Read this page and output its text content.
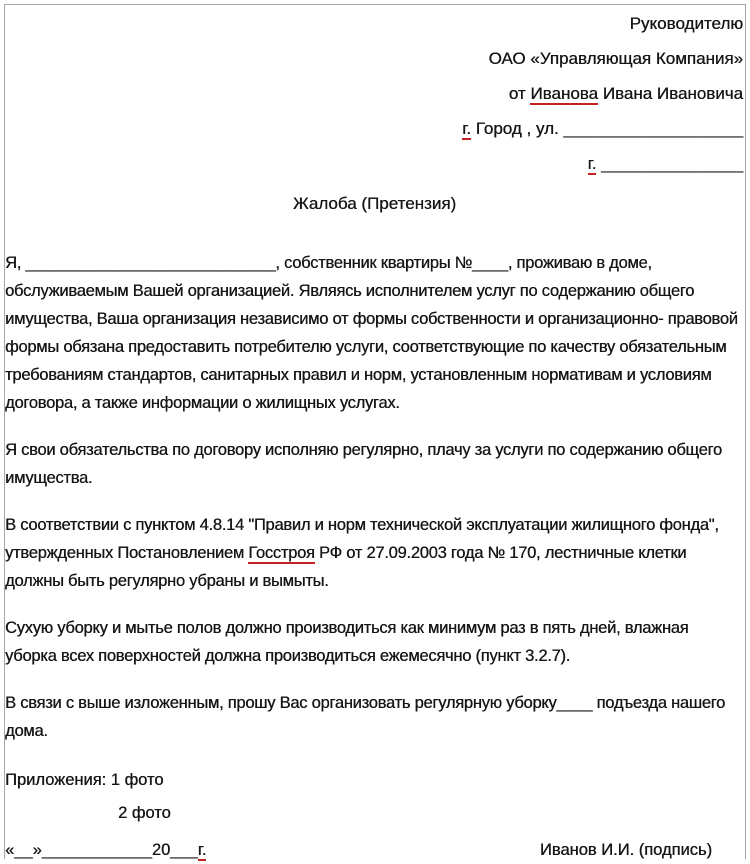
Руководителю
ОАО «Управляющая Компания»
от Иванова Ивана Ивановича
г. Город , ул. ___________________
г. _______________
Жалоба (Претензия)

Я, ____________________________, собственник квартиры №____, проживаю в доме, обслуживаемым Вашей организацией. Являясь исполнителем услуг по содержанию общего имущества, Ваша организация независимо от формы собственности и организационно- правовой формы обязана предоставить потребителю услуги, соответствующие по качеству обязательным требованиям стандартов, санитарных правил и норм, установленным нормативам и условиям договора, а также информации о жилищных услугах.

Я свои обязательства по договору исполняю регулярно, плачу за услуги по содержанию общего имущества.

В соответствии с пунктом 4.8.14 "Правил и норм технической эксплуатации жилищного фонда", утвержденных Постановлением Госстроя РФ от 27.09.2003 года № 170, лестничные клетки должны быть регулярно убраны и вымыты.

Сухую уборку и мытье полов должно производиться как минимум раз в пять дней, влажная уборка всех поверхностей должна производиться ежемесячно (пункт 3.2.7).

В связи с выше изложенным, прошу Вас организовать регулярную уборку____ подъезда нашего дома.

Приложения: 1 фото
2 фото
«__»____________20___г.	Иванов И.И. (подпись)
